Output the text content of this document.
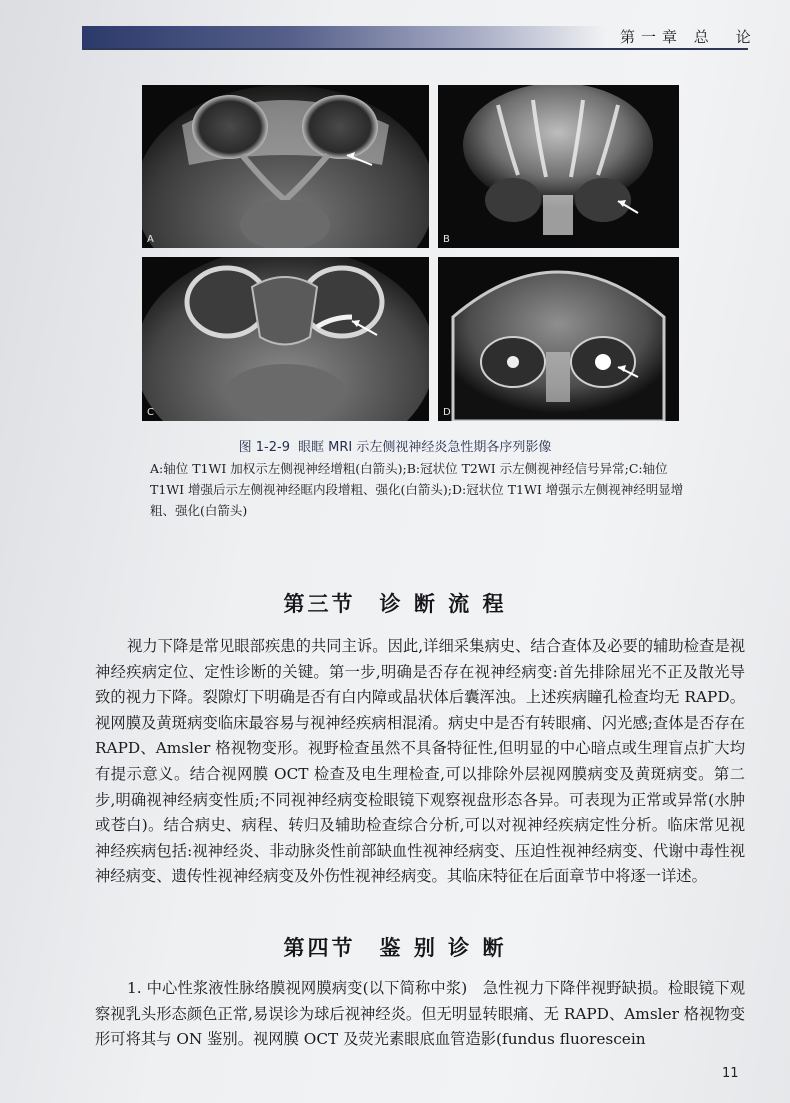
第一章 总　论
A	B
C	D
图 1-2-9 眼眶 MRI 示左侧视神经炎急性期各序列影像
A:轴位 T1WI 加权示左侧视神经增粗(白箭头);B:冠状位 T2WI 示左侧视神经信号异常;C:轴位 T1WI 增强后示左侧视神经眶内段增粗、强化(白箭头);D:冠状位 T1WI 增强示左侧视神经明显增粗、强化(白箭头)
第三节　诊 断 流 程

视力下降是常见眼部疾患的共同主诉。因此,详细采集病史、结合查体及必要的辅助检查是视神经疾病定位、定性诊断的关键。第一步,明确是否存在视神经病变:首先排除屈光不正及散光导致的视力下降。裂隙灯下明确是否有白内障或晶状体后囊浑浊。上述疾病瞳孔检查均无 RAPD。视网膜及黄斑病变临床最容易与视神经疾病相混淆。病史中是否有转眼痛、闪光感;查体是否存在 RAPD、Amsler 格视物变形。视野检查虽然不具备特征性,但明显的中心暗点或生理盲点扩大均有提示意义。结合视网膜 OCT 检查及电生理检查,可以排除外层视网膜病变及黄斑病变。第二步,明确视神经病变性质;不同视神经病变检眼镜下观察视盘形态各异。可表现为正常或异常(水肿或苍白)。结合病史、病程、转归及辅助检查综合分析,可以对视神经疾病定性分析。临床常见视神经疾病包括:视神经炎、非动脉炎性前部缺血性视神经病变、压迫性视神经病变、代谢中毒性视神经病变、遗传性视神经病变及外伤性视神经病变。其临床特征在后面章节中将逐一详述。

第四节　鉴 别 诊 断

1. 中心性浆液性脉络膜视网膜病变(以下简称中浆)　急性视力下降伴视野缺损。检眼镜下观察视乳头形态颜色正常,易误诊为球后视神经炎。但无明显转眼痛、无 RAPD、Amsler 格视物变形可将其与 ON 鉴别。视网膜 OCT 及荧光素眼底血管造影(fundus fluorescein

11
